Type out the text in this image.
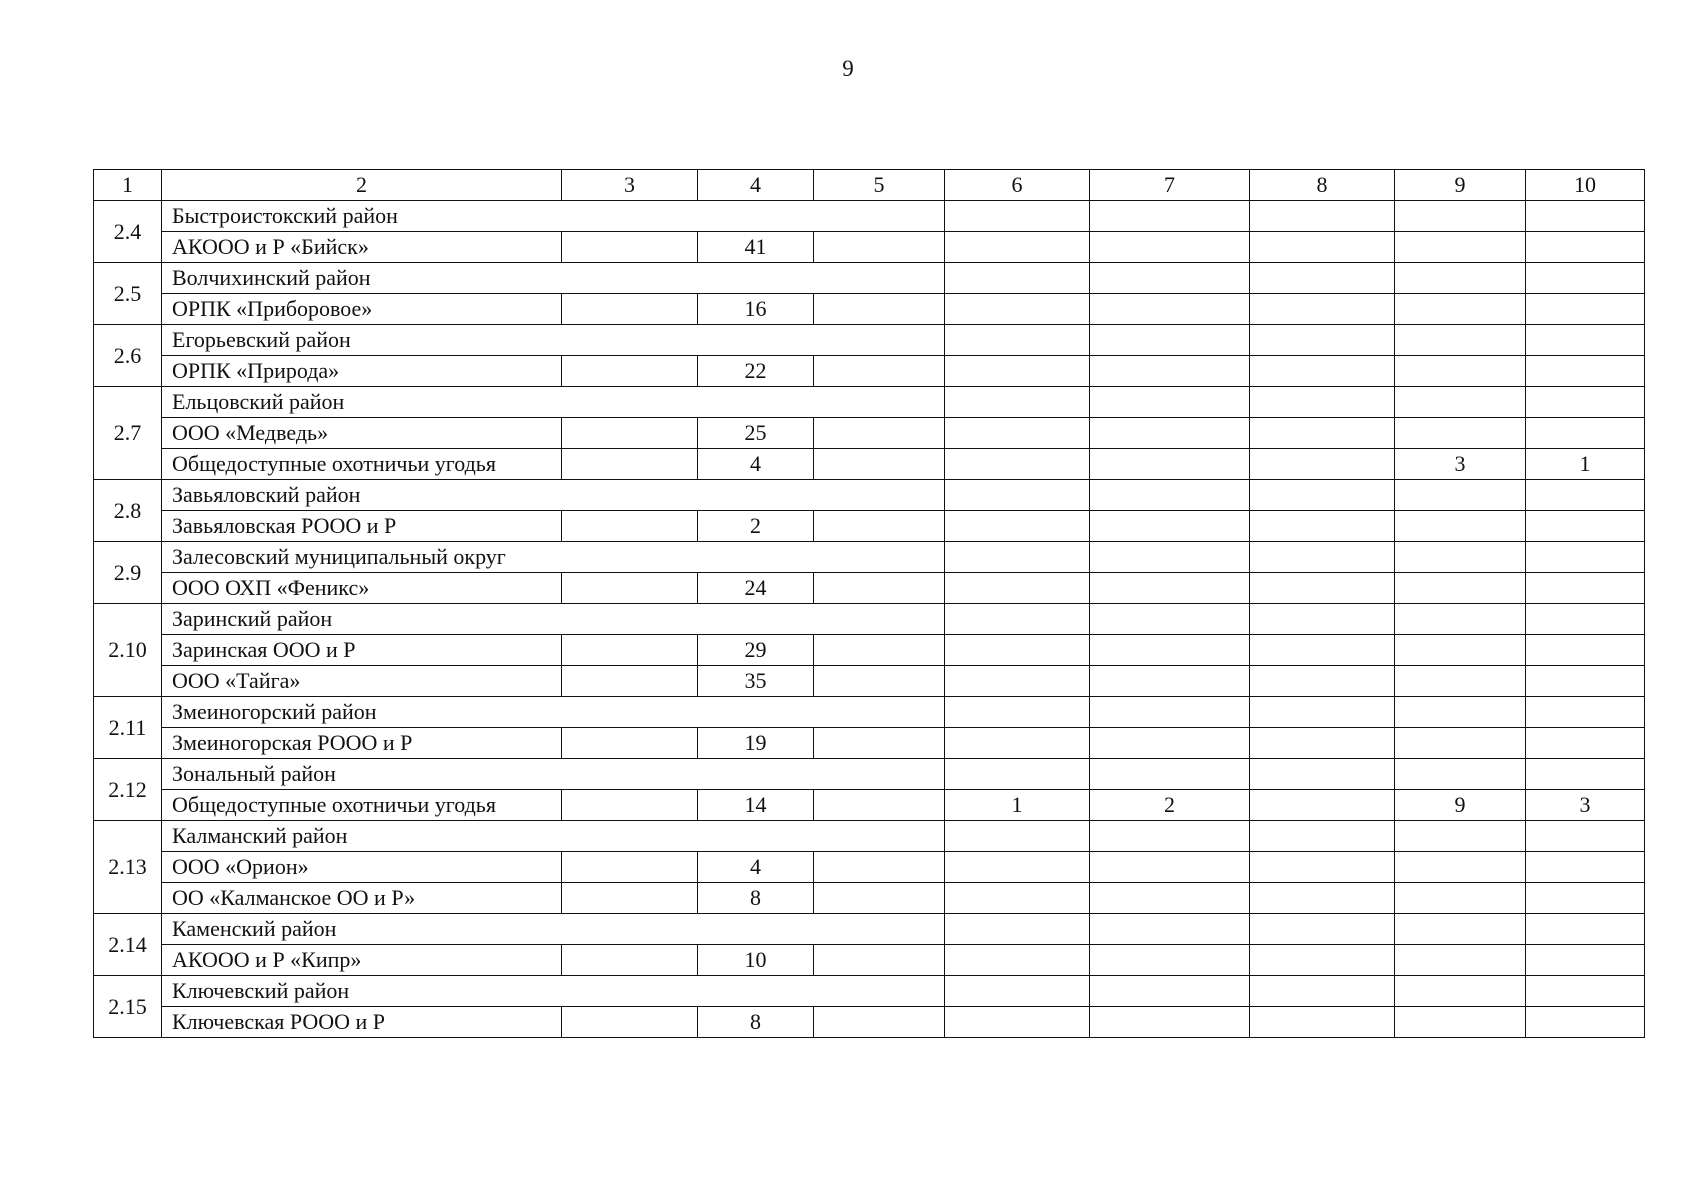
9
1	2	3	4	5	6	7	8	9	10
2.4	Быстроистокский район								
	АКООО и Р «Бийск»		41						
2.5	Волчихинский район								
	ОРПК «Приборовое»		16						
2.6	Егорьевский район								
	ОРПК «Природа»		22						
2.7	Ельцовский район								
	ООО «Медведь»		25						
	Общедоступные охотничьи угодья		4					3	1
2.8	Завьяловский район								
	Завьяловская РООО и Р		2						
2.9	Залесовский муниципальный округ								
	ООО ОХП «Феникс»		24						
2.10	Заринский район								
	Заринская ООО и Р		29						
	ООО «Тайга»		35						
2.11	Змеиногорский район								
	Змеиногорская РООО и Р		19						
2.12	Зональный район								
	Общедоступные охотничьи угодья		14		1	2		9	3
2.13	Калманский район								
	ООО «Орион»		4						
	ОО «Калманское ОО и Р»		8						
2.14	Каменский район								
	АКООО и Р «Кипр»		10						
2.15	Ключевский район								
	Ключевская РООО и Р		8						
